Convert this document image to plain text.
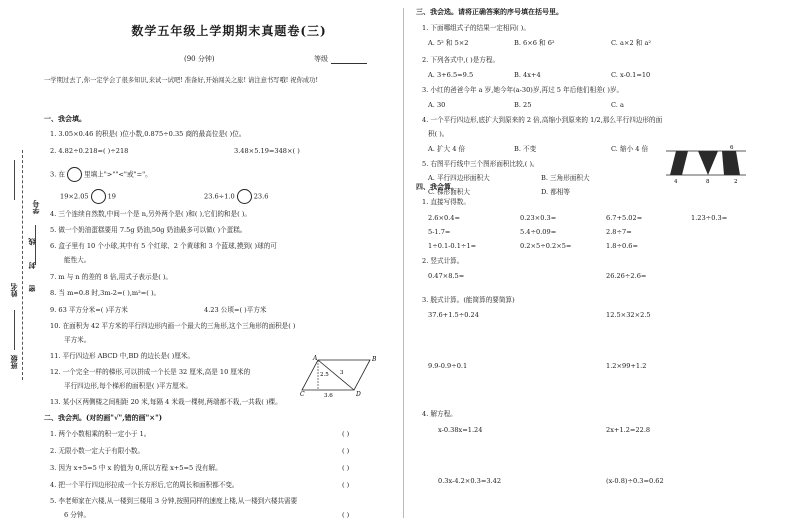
学号
线
封
姓名 密
班级
数学五年级上学期期末真题卷(三)
(90 分钟)	等级
一学期过去了,你一定学会了很多知识,来试一试吧! 准备好,开始闯关之旅! 请注意书写哦! 祝你成功!
一、我会填。
1. 3.05×0.46 的积是( )位小数,0.875÷0.35 商的最高位是( )位。
2. 4.82÷0.218=( )÷218	3.48×5.19=348×( )
3. 在	里填上">""<"或"="。
19×2.05	19	23.6÷1.0	23.6
4. 三个连续自然数,中间一个是 n,另外两个是( )和( ),它们的和是( )。
5. 做一个奶油蛋糕要用 7.5g 奶油,50g 奶油最多可以做( )个蛋糕。
6. 盒子里有 10 个小球,其中有 5 个红球、2 个黄球和 3 个蓝球,摸到( )球的可
能性大。
7. m 与 n 的差的 8 倍,用式子表示是( )。
8. 当 m=0.8 时,3m-2=( ),m²=( )。
9. 63 平方分米=( )平方米	4.23 公顷=( )平方米
10. 在面积为 42 平方米的平行四边形内画一个最大的三角形,这个三角形的面积是( )
平方米。
11. 平行四边形 ABCD 中,BD 的边长是( )厘米。
12. 一个完全一样的梯形,可以拼成一个长是 32 厘米,高是 10 厘米的
平行四边形,每个梯形的面积是( )平方厘米。
A	B
C	D
2.5 3
3.6
13. 某小区两侧楼之间相距 20 米,每隔 4 米栽一棵树,两端都不栽,一共栽( )棵。
二、我会判。(对的画"√",错的画"×")
1. 两个小数相乘的积一定小于 1。	( )
2. 无限小数一定大于有限小数。	( )
3. 因为 x+5=5 中 x 的值为 0,所以方程 x+5=5 没有解。	( )
4. 把一个平行四边形拉成一个长方形后,它的周长和面积都不变。	( )
5. 李老师家在六楼,从一楼到三楼用 3 分钟,按照同样的速度上楼,从一楼到六楼共需要
6 分钟。	( )
三、我会选。请将正确答案的序号填在括号里。
1. 下面哪组式子的结果一定相同( )。
A. 5² 和 5×2	B. 6×6 和 6²	C. a×2 和 a²
2. 下列各式中,( )是方程。
A. 3+6.5=9.5	B. 4x+4	C. x-0.1=10
3. 小红的爸爸今年 a 岁,她今年(a-30)岁,再过 5 年后他们相差( )岁。
A. 30	B. 25	C. a
4. 一个平行四边形,底扩大到原来的 2 倍,高缩小到原来的 1/2,那么平行四边形的面
积( )。
A. 扩大 4 倍	B. 不变	C. 缩小 4 倍
5. 右图平行线中三个图形面积比较,( )。
A. 平行四边形面积大	B. 三角形面积大
C. 梯形面积大	D. 都相等
6
4	8	2
四、我会算。
1. 直接写得数。
2.6×0.4=	0.23×0.3=	6.7+5.02=	1.23÷0.3=
5-1.7=	5.4÷0.09=	2.8÷7=
1÷0.1-0.1÷1=	0.2×5÷0.2×5=	1.8÷0.6=
2. 竖式计算。
0.47×8.5=	26.26÷2.6=
3. 脱式计算。(能简算的要简算)
37.6+1.5÷0.24	12.5×32×2.5
9.9-0.9÷0.1	1.2×99+1.2
4. 解方程。
x-0.38x=1.24	2x+1.2=22.8
0.3x-4.2×0.3=3.42	(x-0.8)÷0.3=0.62
